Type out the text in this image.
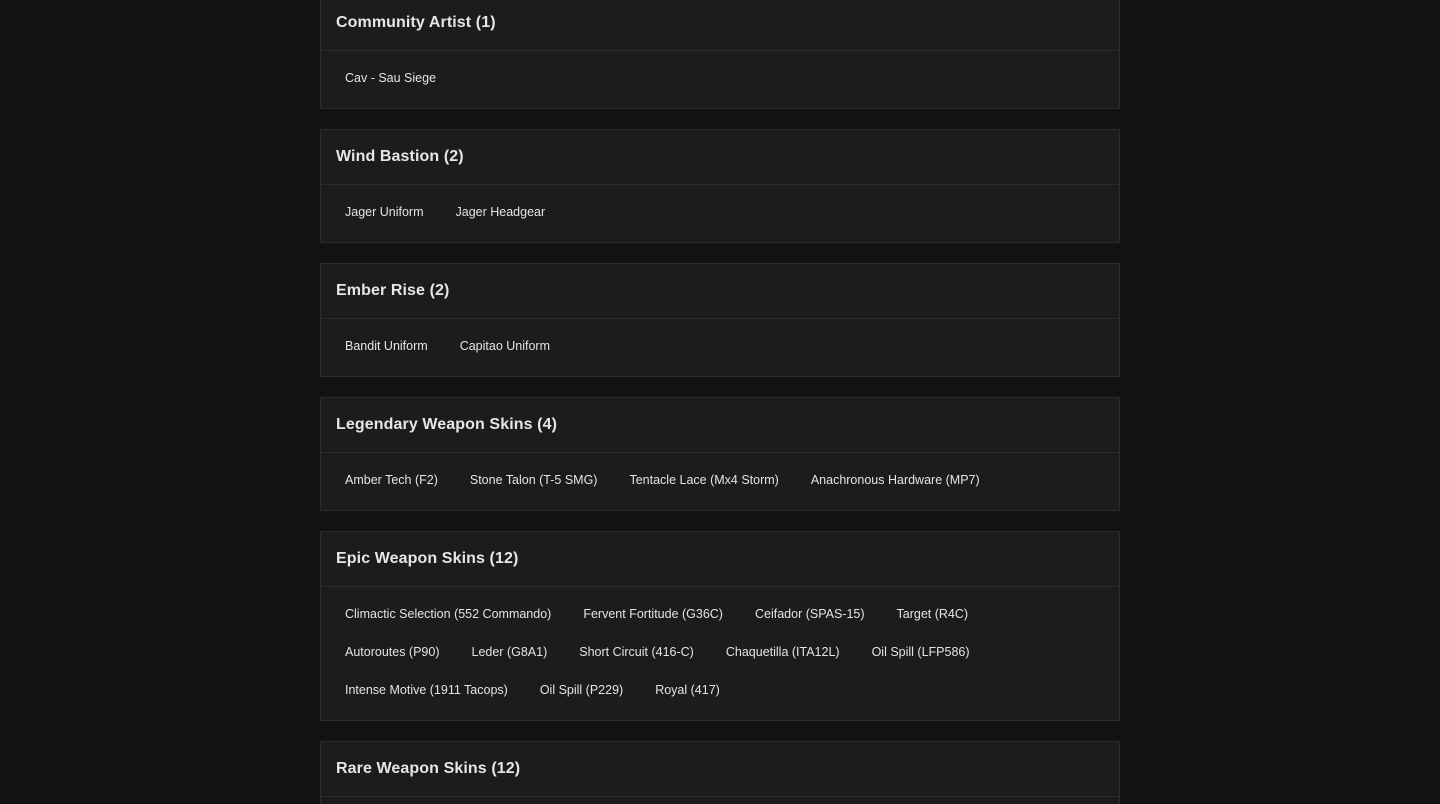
Community Artist (1)
Cav - Sau Siege
Wind Bastion (2)
Jager Uniform	Jager Headgear
Ember Rise (2)
Bandit Uniform	Capitao Uniform
Legendary Weapon Skins (4)
Amber Tech (F2)	Stone Talon (T-5 SMG)	Tentacle Lace (Mx4 Storm)	Anachronous Hardware (MP7)
Epic Weapon Skins (12)
Climactic Selection (552 Commando)	Fervent Fortitude (G36C)	Ceifador (SPAS-15)	Target (R4C)
Autoroutes (P90)	Leder (G8A1)	Short Circuit (416-C)	Chaquetilla (ITA12L)	Oil Spill (LFP586)
Intense Motive (1911 Tacops)	Oil Spill (P229)	Royal (417)
Rare Weapon Skins (12)
